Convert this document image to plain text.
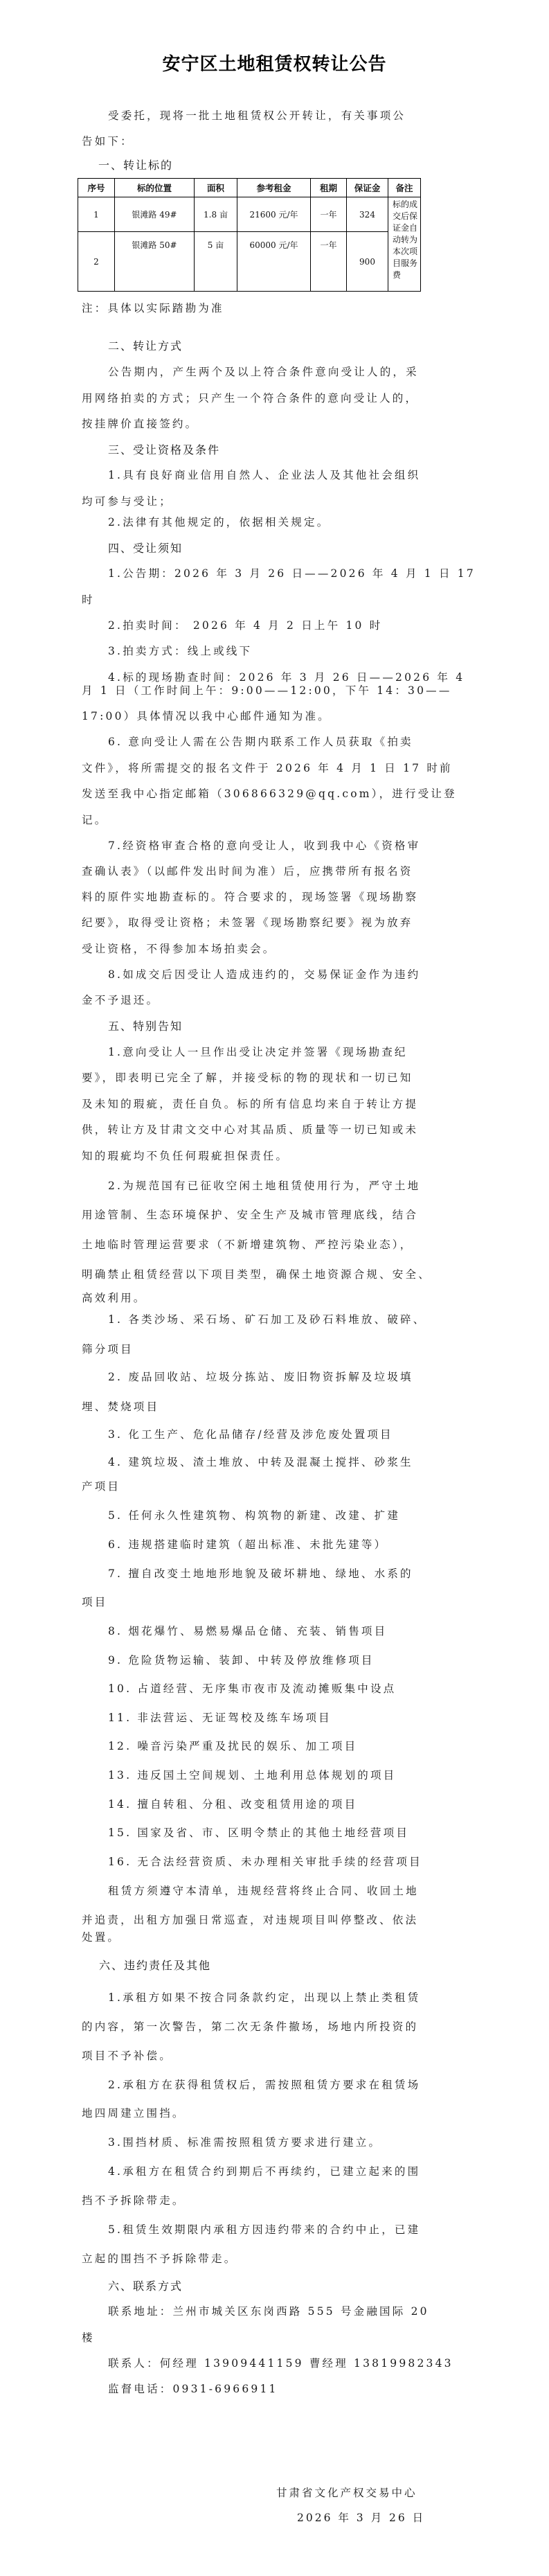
安宁区土地租赁权转让公告
受委托，现将一批土地租赁权公开转让，有关事项公
告如下：
一、转让标的
序号	标的位置	面积	参考租金	租期	保证金	备注
1	银滩路 49#	1.8 亩	21600 元/年	一年	324	标的成交后保证金自动转为本次项目服务费
2	银滩路 50#	5 亩	60000 元/年	一年	900	
注：具体以实际踏勘为准
二、转让方式
公告期内，产生两个及以上符合条件意向受让人的，采
用网络拍卖的方式；只产生一个符合条件的意向受让人的，
按挂牌价直接签约。
三、受让资格及条件
1.具有良好商业信用自然人、企业法人及其他社会组织
均可参与受让；
2.法律有其他规定的，依据相关规定。
四、受让须知
1.公告期：2026 年 3 月 26 日——2026 年 4 月 1 日 17
时
2.拍卖时间： 2026 年 4 月 2 日上午 10 时
3.拍卖方式：线上或线下
4.标的现场勘查时间：2026 年 3 月 26 日——2026 年 4
月 1 日（工作时间上午：9:00——12:00，下午 14：30——
17:00）具体情况以我中心邮件通知为准。
6. 意向受让人需在公告期内联系工作人员获取《拍卖
文件》，将所需提交的报名文件于 2026 年 4 月 1 日 17 时前
发送至我中心指定邮箱（306866329@qq.com），进行受让登
记。
7.经资格审查合格的意向受让人，收到我中心《资格审
查确认表》（以邮件发出时间为准）后，应携带所有报名资
料的原件实地勘查标的。符合要求的，现场签署《现场勘察
纪要》，取得受让资格；未签署《现场勘察纪要》视为放弃
受让资格，不得参加本场拍卖会。
8.如成交后因受让人造成违约的，交易保证金作为违约
金不予退还。
五、特别告知
1.意向受让人一旦作出受让决定并签署《现场勘查纪
要》，即表明已完全了解，并接受标的物的现状和一切已知
及未知的瑕疵，责任自负。标的所有信息均来自于转让方提
供，转让方及甘肃文交中心对其品质、质量等一切已知或未
知的瑕疵均不负任何瑕疵担保责任。
2.为规范国有已征收空闲土地租赁使用行为，严守土地
用途管制、生态环境保护、安全生产及城市管理底线，结合
土地临时管理运营要求（不新增建筑物、严控污染业态），
明确禁止租赁经营以下项目类型，确保土地资源合规、安全、
高效利用。
1. 各类沙场、采石场、矿石加工及砂石料堆放、破碎、
筛分项目
2. 废品回收站、垃圾分拣站、废旧物资拆解及垃圾填
埋、焚烧项目
3. 化工生产、危化品储存/经营及涉危废处置项目
4. 建筑垃圾、渣土堆放、中转及混凝土搅拌、砂浆生
产项目
5. 任何永久性建筑物、构筑物的新建、改建、扩建
6. 违规搭建临时建筑（超出标准、未批先建等）
7. 擅自改变土地地形地貌及破坏耕地、绿地、水系的
项目
8. 烟花爆竹、易燃易爆品仓储、充装、销售项目
9. 危险货物运输、装卸、中转及停放维修项目
10. 占道经营、无序集市夜市及流动摊贩集中设点
11. 非法营运、无证驾校及练车场项目
12. 噪音污染严重及扰民的娱乐、加工项目
13. 违反国土空间规划、土地利用总体规划的项目
14. 擅自转租、分租、改变租赁用途的项目
15. 国家及省、市、区明令禁止的其他土地经营项目
16. 无合法经营资质、未办理相关审批手续的经营项目
租赁方须遵守本清单，违规经营将终止合同、收回土地
并追责，出租方加强日常巡查，对违规项目叫停整改、依法
处置。
六、违约责任及其他
1.承租方如果不按合同条款约定，出现以上禁止类租赁
的内容，第一次警告，第二次无条件撤场，场地内所投资的
项目不予补偿。
2.承租方在获得租赁权后，需按照租赁方要求在租赁场
地四周建立围挡。
3.围挡材质、标准需按照租赁方要求进行建立。
4.承租方在租赁合约到期后不再续约，已建立起来的围
挡不予拆除带走。
5.租赁生效期限内承租方因违约带来的合约中止，已建
立起的围挡不予拆除带走。
六、联系方式
联系地址：兰州市城关区东岗西路 555 号金融国际 20
楼
联系人：何经理 13909441159 曹经理 13819982343
监督电话：0931-6966911
甘肃省文化产权交易中心
2026 年 3 月 26 日
